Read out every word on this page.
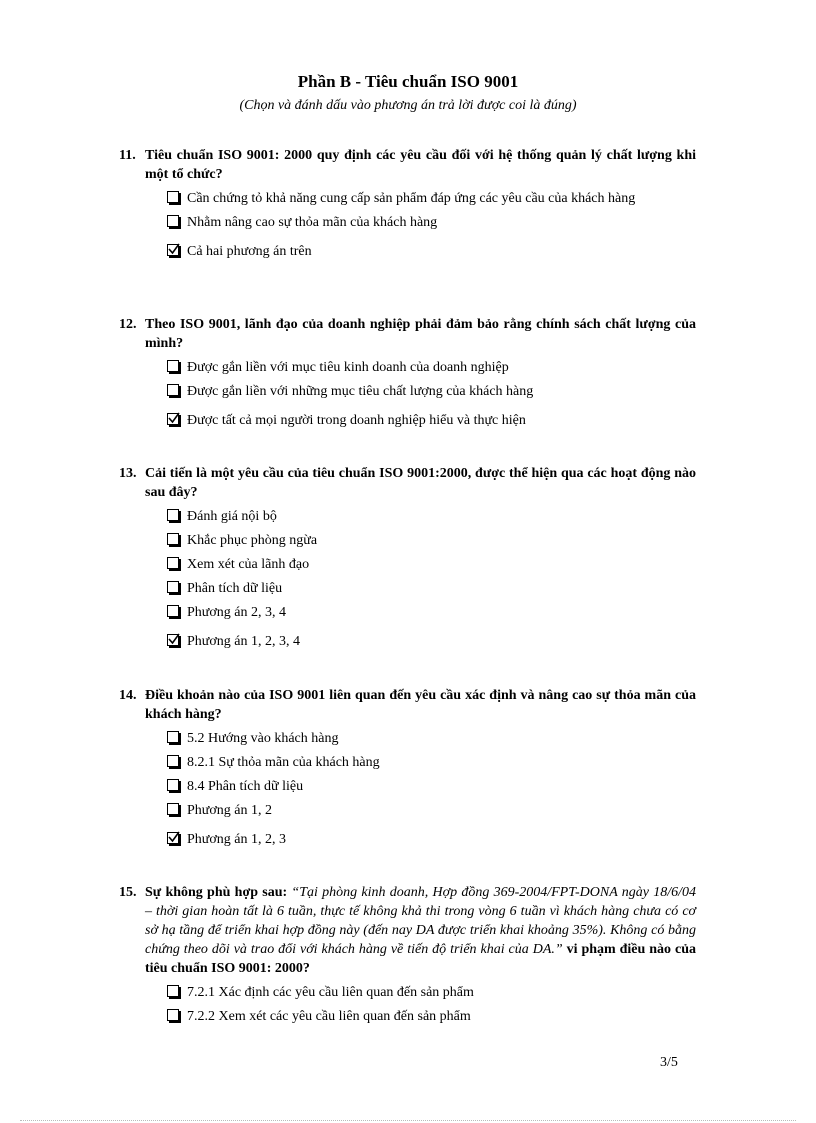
Phần B - Tiêu chuẩn ISO 9001
(Chọn và đánh dấu vào phương án trả lời được coi là đúng)
11. Tiêu chuẩn ISO 9001: 2000 quy định các yêu cầu đối với hệ thống quản lý chất lượng khi một tổ chức?
Cần chứng tỏ khả năng cung cấp sản phẩm đáp ứng các yêu cầu của khách hàng
Nhằm nâng cao sự thỏa mãn của khách hàng
Cả hai phương án trên
12. Theo ISO 9001, lãnh đạo của doanh nghiệp phải đảm bảo rằng chính sách chất lượng của mình?
Được gắn liền với mục tiêu kinh doanh của doanh nghiệp
Được gắn liền với những mục tiêu chất lượng của khách hàng
Được tất cả mọi người trong doanh nghiệp hiểu và thực hiện
13. Cải tiến là một yêu cầu của tiêu chuẩn ISO 9001:2000, được thể hiện qua các hoạt động nào sau đây?
Đánh giá nội bộ
Khắc phục phòng ngừa
Xem xét của lãnh đạo
Phân tích dữ liệu
Phương án 2, 3, 4
Phương án 1, 2, 3, 4
14. Điều khoản nào của ISO 9001 liên quan đến yêu cầu xác định và nâng cao sự thỏa mãn của khách hàng?
5.2 Hướng vào khách hàng
8.2.1 Sự thỏa mãn của khách hàng
8.4 Phân tích dữ liệu
Phương án 1, 2
Phương án 1, 2, 3
15. Sự không phù hợp sau: “Tại phòng kinh doanh, Hợp đồng 369-2004/FPT-DONA ngày 18/6/04 – thời gian hoàn tất là 6 tuần, thực tế không khả thi trong vòng 6 tuần vì khách hàng chưa có cơ sở hạ tầng để triển khai hợp đồng này (đến nay DA được triển khai khoảng 35%). Không có bằng chứng theo dõi và trao đổi với khách hàng về tiến độ triển khai của DA.” vi phạm điều nào của tiêu chuẩn ISO 9001: 2000?
7.2.1 Xác định các yêu cầu liên quan đến sản phẩm
7.2.2 Xem xét các yêu cầu liên quan đến sản phẩm
3/5
